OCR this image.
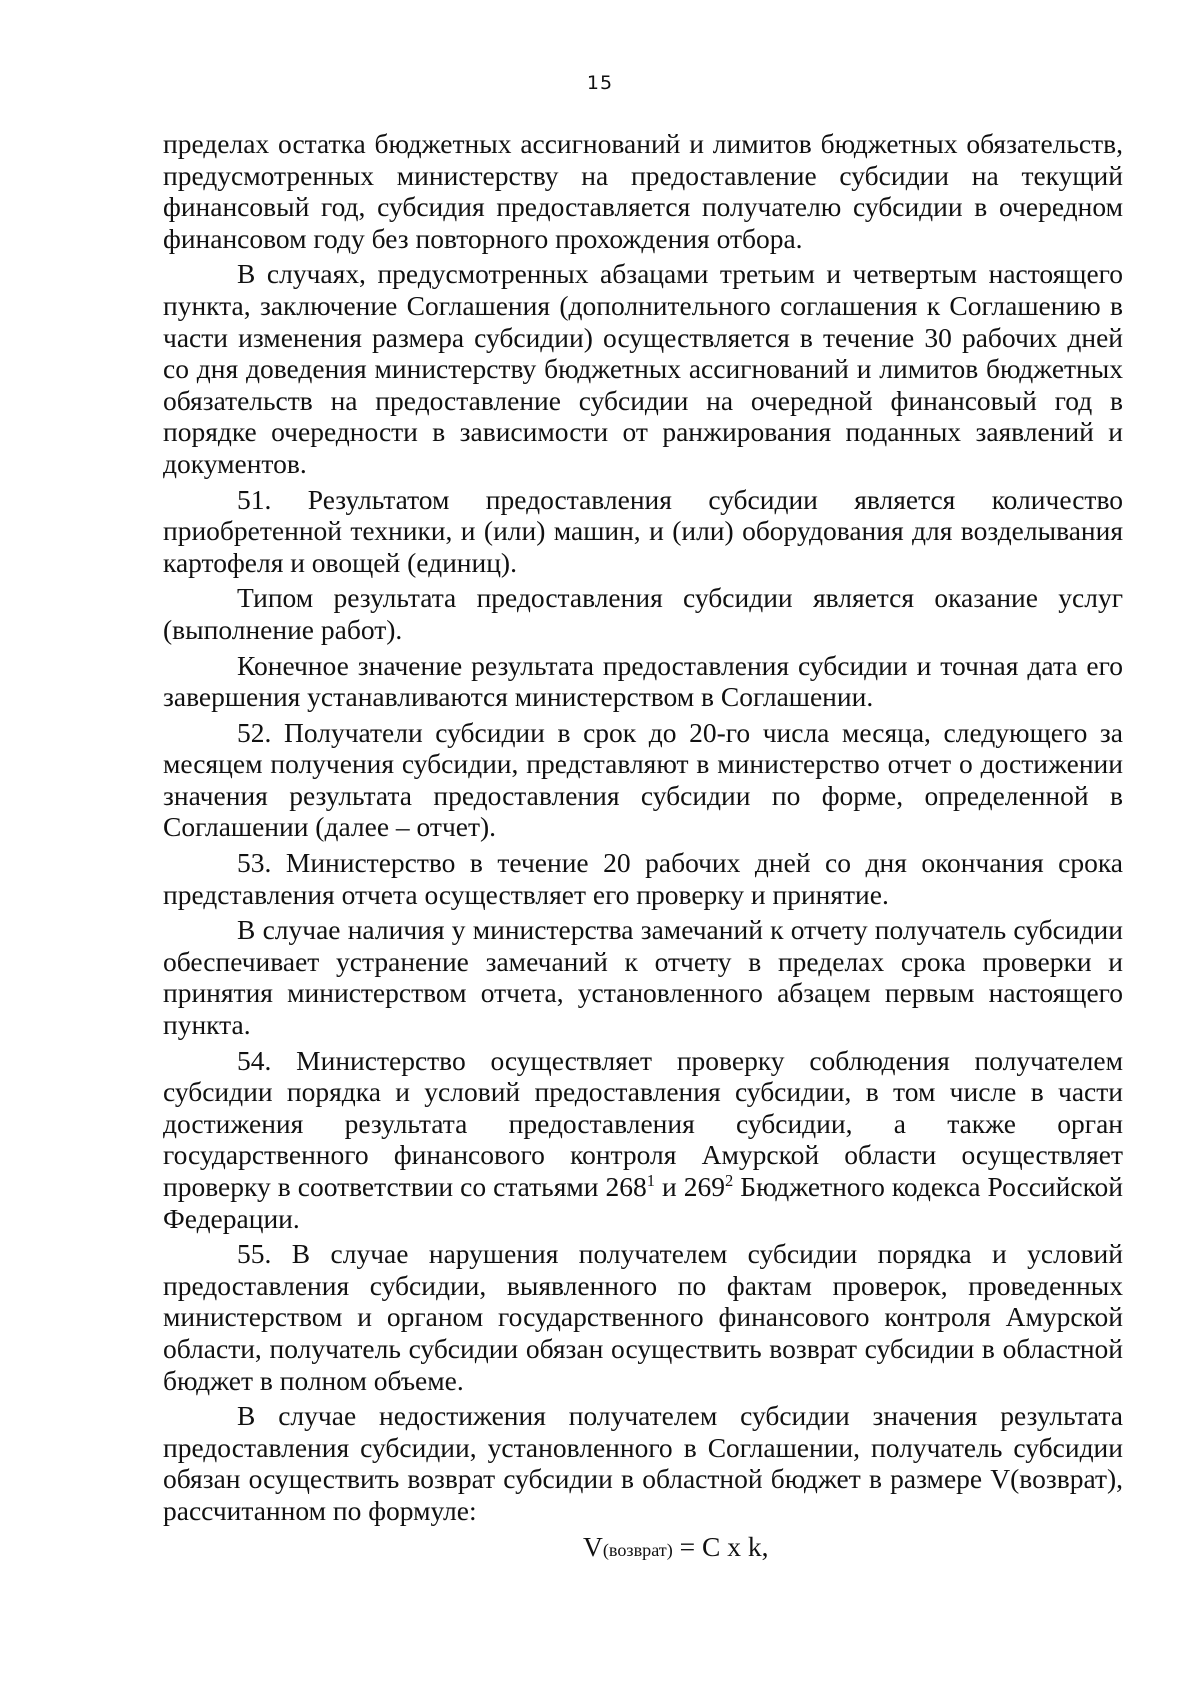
15

пределах остатка бюджетных ассигнований и лимитов бюджетных обязательств, предусмотренных министерству на предоставление субсидии на текущий финансовый год, субсидия предоставляется получателю субсидии в очередном финансовом году без повторного прохождения отбора.

В случаях, предусмотренных абзацами третьим и четвертым настоящего пункта, заключение Соглашения (дополнительного соглашения к Соглашению в части изменения размера субсидии) осуществляется в течение 30 рабочих дней со дня доведения министерству бюджетных ассигнований и лимитов бюджетных обязательств на предоставление субсидии на очередной финансовый год в порядке очередности в зависимости от ранжирования поданных заявлений и документов.

51. Результатом предоставления субсидии является количество приобретенной техники, и (или) машин, и (или) оборудования для возделывания картофеля и овощей (единиц).

Типом результата предоставления субсидии является оказание услуг (выполнение работ).

Конечное значение результата предоставления субсидии и точная дата его завершения устанавливаются министерством в Соглашении.

52. Получатели субсидии в срок до 20-го числа месяца, следующего за месяцем получения субсидии, представляют в министерство отчет о достижении значения результата предоставления субсидии по форме, определенной в Соглашении (далее – отчет).

53. Министерство в течение 20 рабочих дней со дня окончания срока представления отчета осуществляет его проверку и принятие.

В случае наличия у министерства замечаний к отчету получатель субсидии обеспечивает устранение замечаний к отчету в пределах срока проверки и принятия министерством отчета, установленного абзацем первым настоящего пункта.

54. Министерство осуществляет проверку соблюдения получателем субсидии порядка и условий предоставления субсидии, в том числе в части достижения результата предоставления субсидии, а также орган государственного финансового контроля Амурской области осуществляет проверку в соответствии со статьями $268^1$ и $269^2$ Бюджетного кодекса Российской Федерации.

55. В случае нарушения получателем субсидии порядка и условий предоставления субсидии, выявленного по фактам проверок, проведенных министерством и органом государственного финансового контроля Амурской области, получатель субсидии обязан осуществить возврат субсидии в областной бюджет в полном объеме.

В случае недостижения получателем субсидии значения результата предоставления субсидии, установленного в Соглашении, получатель субсидии обязан осуществить возврат субсидии в областной бюджет в размере V(возврат), рассчитанном по формуле:

V(возврат) = C x k,
